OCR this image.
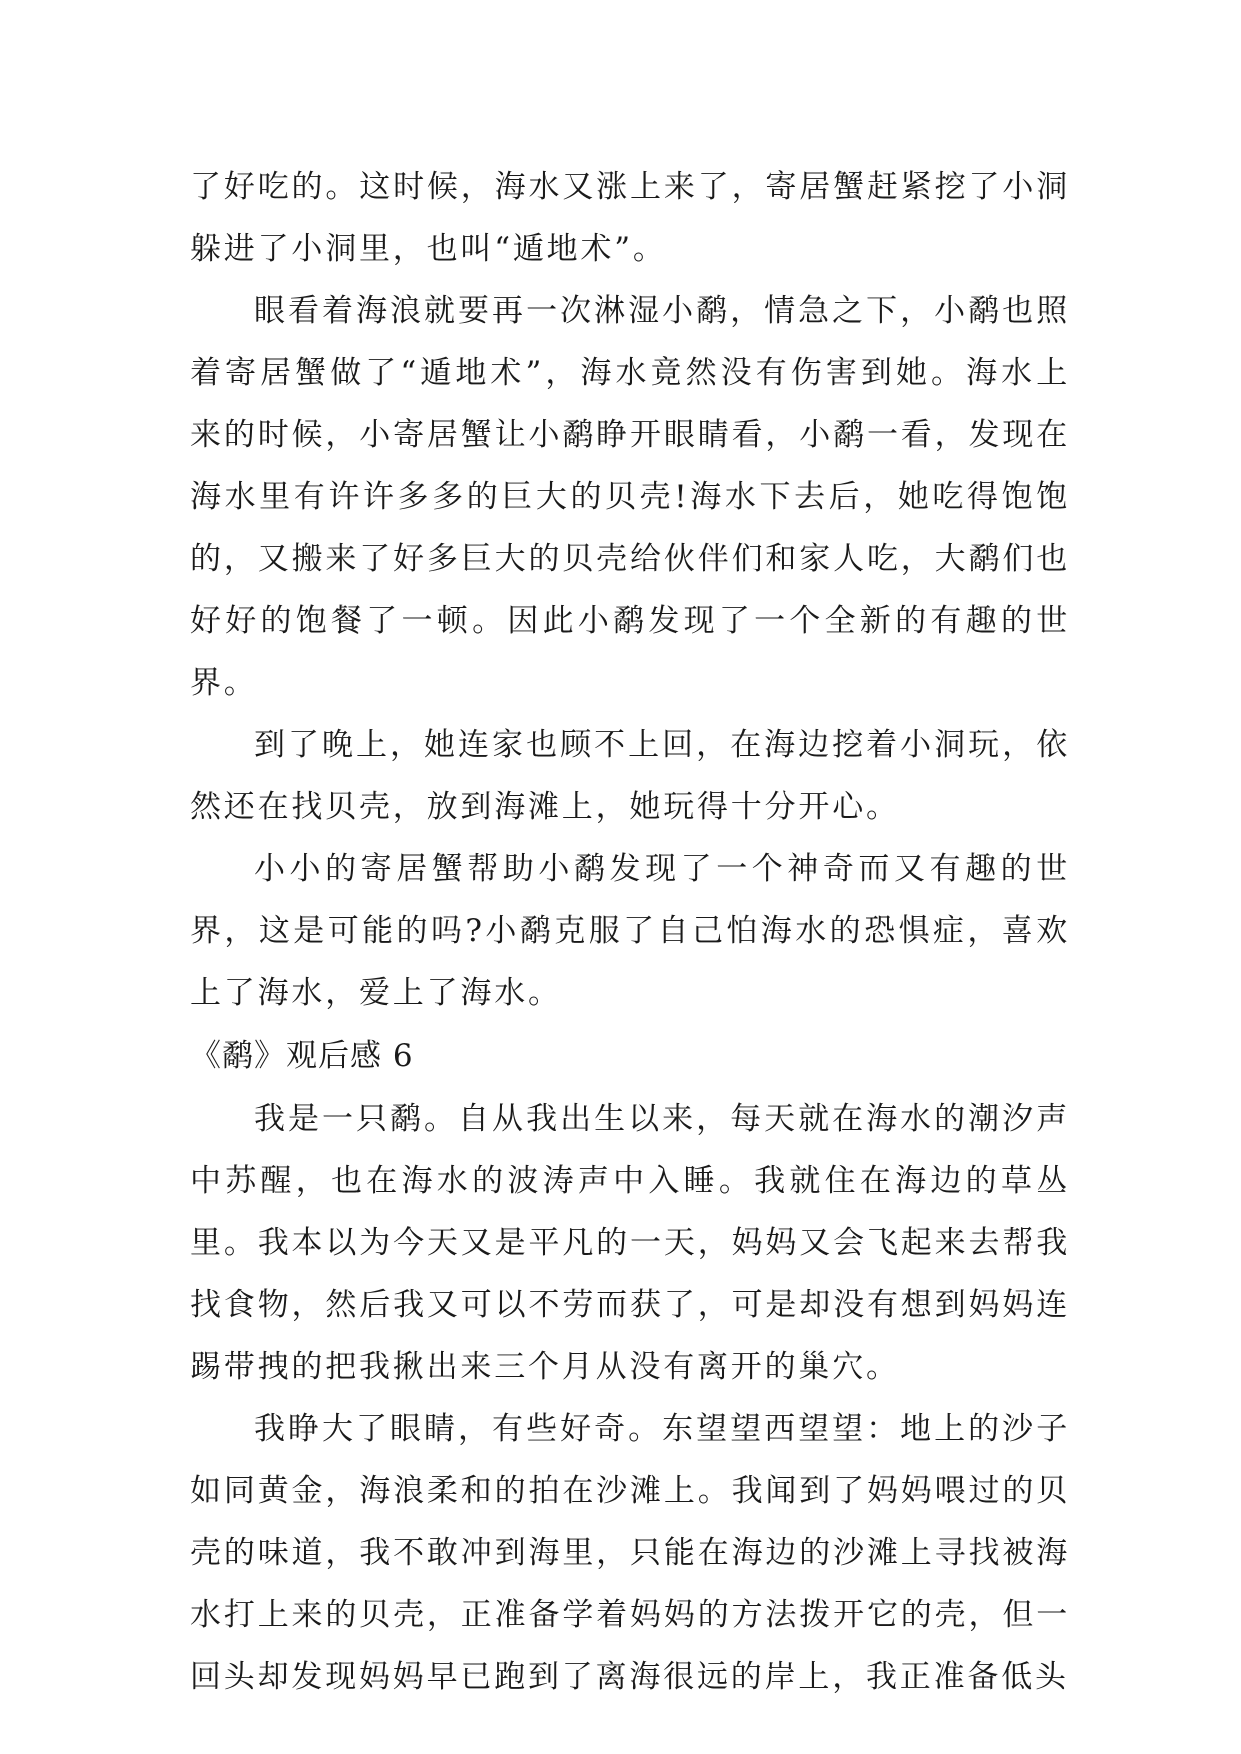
了好吃的。这时候，海水又涨上来了，寄居蟹赶紧挖了小洞躲进了小洞里，也叫“遁地术”。

眼看着海浪就要再一次淋湿小鹬，情急之下，小鹬也照着寄居蟹做了“遁地术”，海水竟然没有伤害到她。海水上来的时候，小寄居蟹让小鹬睁开眼睛看，小鹬一看，发现在海水里有许许多多的巨大的贝壳!海水下去后，她吃得饱饱的，又搬来了好多巨大的贝壳给伙伴们和家人吃，大鹬们也好好的饱餐了一顿。因此小鹬发现了一个全新的有趣的世界。

到了晚上，她连家也顾不上回，在海边挖着小洞玩，依然还在找贝壳，放到海滩上，她玩得十分开心。

小小的寄居蟹帮助小鹬发现了一个神奇而又有趣的世界，这是可能的吗?小鹬克服了自己怕海水的恐惧症，喜欢上了海水，爱上了海水。

《鹬》观后感 6

我是一只鹬。自从我出生以来，每天就在海水的潮汐声中苏醒，也在海水的波涛声中入睡。我就住在海边的草丛里。我本以为今天又是平凡的一天，妈妈又会飞起来去帮我找食物，然后我又可以不劳而获了，可是却没有想到妈妈连踢带拽的把我揪出来三个月从没有离开的巢穴。

我睁大了眼睛，有些好奇。东望望西望望：地上的沙子如同黄金，海浪柔和的拍在沙滩上。我闻到了妈妈喂过的贝壳的味道，我不敢冲到海里，只能在海边的沙滩上寻找被海水打上来的贝壳，正准备学着妈妈的方法拨开它的壳，但一回头却发现妈妈早已跑到了离海很远的岸上，我正准备低头
